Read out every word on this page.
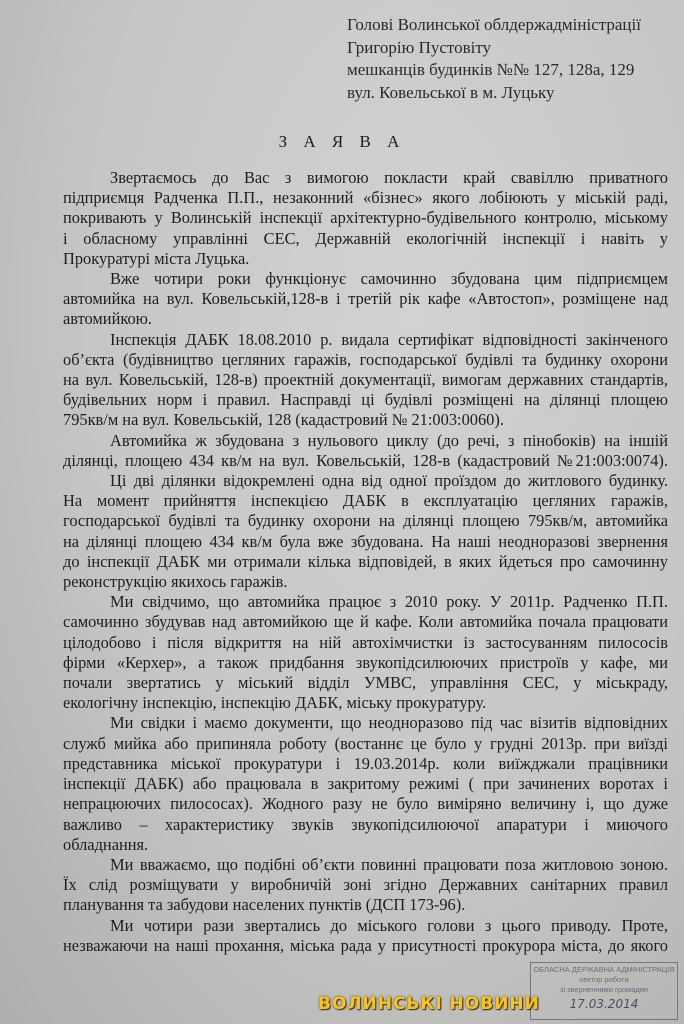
Голові Волинської облдержадміністрації
Григорію Пустовіту
мешканців будинків №№ 127, 128а, 129
вул. Ковельської в м. Луцьку
З А Я В А
Звертаємось до Вас з вимогою покласти край свавіллю приватного
підприємця Радченка П.П., незаконний «бізнес» якого лобіюють у міській раді,
покривають у Волинській інспекції архітектурно-будівельного контролю, міському
і обласному управлінні СЕС, Державній екологічній інспекції і навіть у
Прокуратурі міста Луцька.
Вже чотири роки функціонує самочинно збудована цим підприємцем
автомийка на вул. Ковельській,128-в і третій рік кафе «Автостоп», розміщене над
автомийкою.
Інспекція ДАБК 18.08.2010 р. видала сертифікат відповідності закінченого
об’єкта (будівництво цегляних гаражів, господарської будівлі та будинку охорони
на вул. Ковельській, 128-в) проектній документації, вимогам державних стандартів,
будівельних норм і правил. Насправді ці будівлі розміщені на ділянці площею
795кв/м на вул. Ковельській, 128 (кадастровий № 21:003:0060).
Автомийка ж збудована з нульового циклу (до речі, з пінобоків) на іншій
ділянці, площею 434 кв/м на вул. Ковельській, 128-в (кадастровий №21:003:0074).
Ці дві ділянки відокремлені одна від одної проїздом до житлового будинку.
На момент прийняття інспекцією ДАБК в експлуатацію цегляних гаражів,
господарської будівлі та будинку охорони на ділянці площею 795кв/м, автомийка
на ділянці площею 434 кв/м була вже збудована. На наші неодноразові звернення
до інспекції ДАБК ми отримали кілька відповідей, в яких йдеться про самочинну
реконструкцію якихось гаражів.
Ми свідчимо, що автомийка працює з 2010 року. У 2011р. Радченко П.П.
самочинно збудував над автомийкою ще й кафе. Коли автомийка почала працювати
цілодобово і після відкриття на ній автохімчистки із застосуванням пилососів
фірми «Керхер», а також придбання звукопідсилюючих пристроїв у кафе, ми
почали звертатись у міський відділ УМВС, управління СЕС, у міськраду,
екологічну інспекцію, інспекцію ДАБК, міську прокуратуру.
Ми свідки і маємо документи, що неодноразово під час візитів відповідних
служб мийка або припиняла роботу (востаннє це було у грудні 2013р. при виїзді
представника міської прокуратури і 19.03.2014р. коли виїжджали працівники
інспекції ДАБК) або працювала в закритому режимі ( при зачинених воротах і
непрацюючих пилососах). Жодного разу не було виміряно величину і, що дуже
важливо – характеристику звуків звукопідсилюючої апаратури і миючого
обладнання.
Ми вважаємо, що подібні об’єкти повинні працювати поза житловою зоною.
Їх слід розміщувати у виробничій зоні згідно Державних санітарних правил
планування та забудови населених пунктів (ДСП 173-96).
Ми чотири рази звертались до міського голови з цього приводу. Проте,
незважаючи на наші прохання, міська рада у присутності прокурора міста, до якого
ОБЛАСНА ДЕРЖАВНА АДМІНІСТРАЦІЯ
сектор роботи
зі зверненнями громадян
17.03.2014
ВОЛИНСЬКІ НОВИНИ
